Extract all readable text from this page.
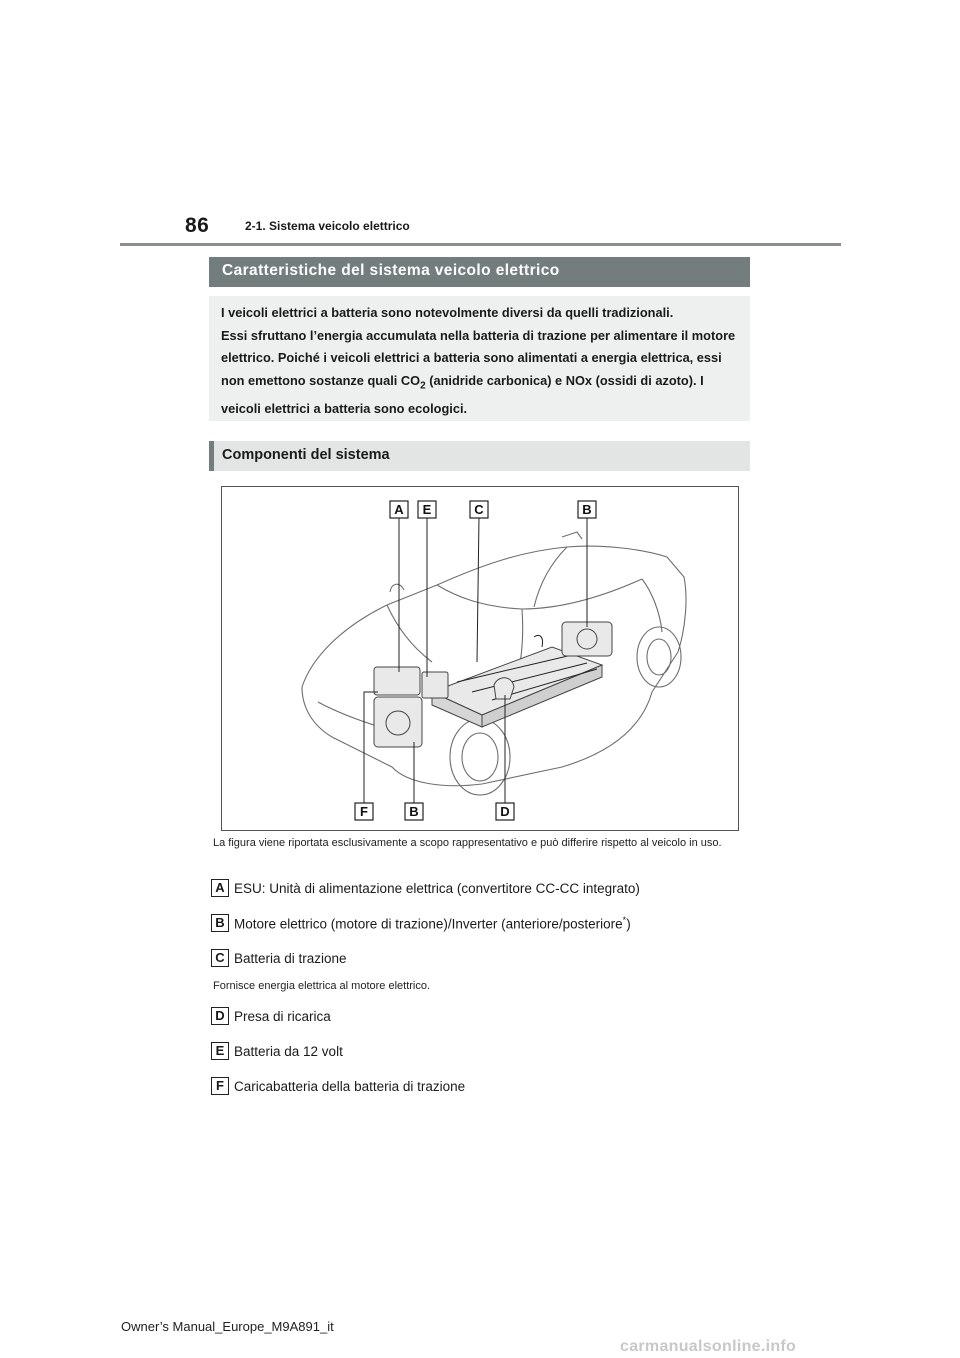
86	2-1. Sistema veicolo elettrico
Caratteristiche del sistema veicolo elettrico

I veicoli elettrici a batteria sono notevolmente diversi da quelli tradizionali.
Essi sfruttano l’energia accumulata nella batteria di trazione per alimentare il motore elettrico. Poiché i veicoli elettrici a batteria sono alimentati a energia elettrica, essi non emettono sostanze quali $CO_2$ (anidride carbonica) e NOx (ossidi di azoto). I veicoli elettrici a batteria sono ecologici.

Componenti del sistema
A E	C	B
F	B	D
La figura viene riportata esclusivamente a scopo rappresentativo e può differire rispetto al veicolo in uso.
A ESU: Unità di alimentazione elettrica (convertitore CC-CC integrato)
B Motore elettrico (motore di trazione)/Inverter (anteriore/posteriore*)
C Batteria di trazione
Fornisce energia elettrica al motore elettrico.
D Presa di ricarica
E Batteria da 12 volt
F Caricabatteria della batteria di trazione
Owner’s Manual_Europe_M9A891_it
carmanualsonline.info
